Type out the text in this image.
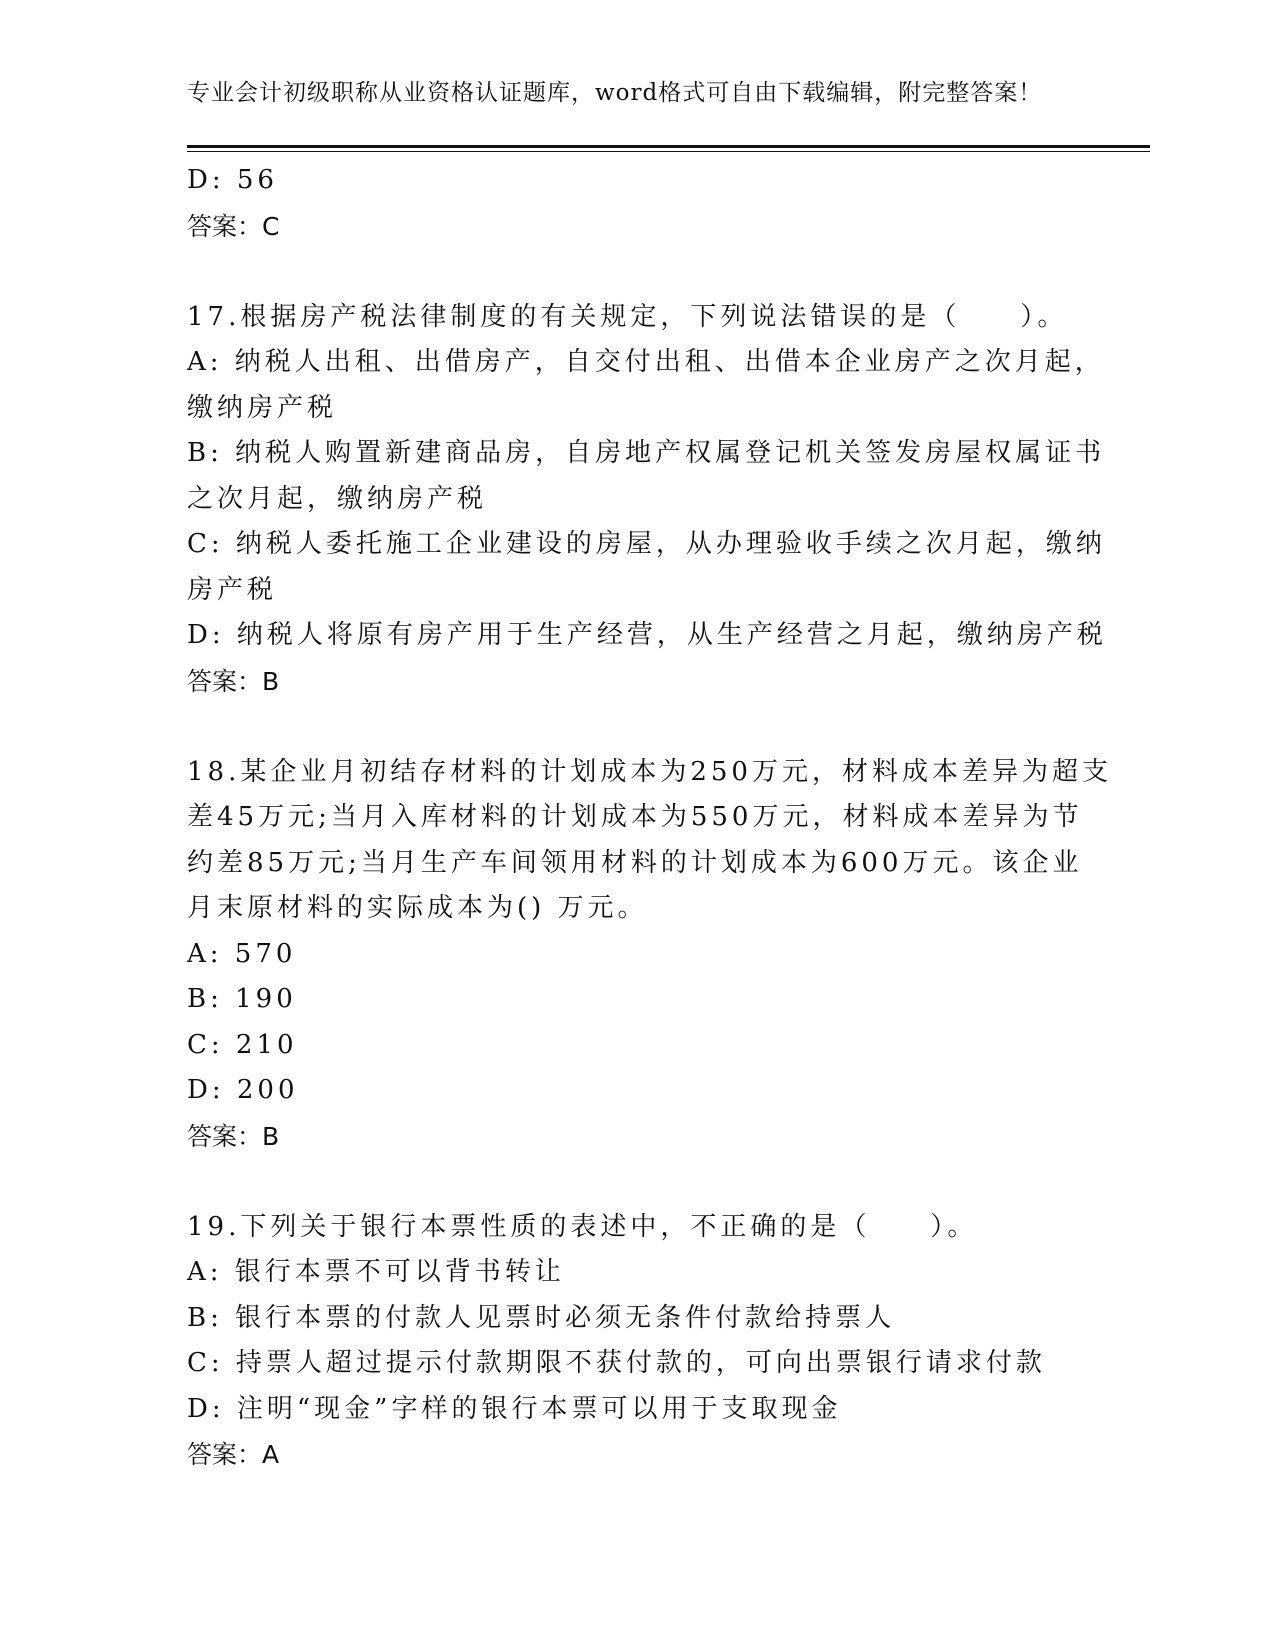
专业会计初级职称从业资格认证题库，word格式可自由下载编辑，附完整答案！
D: 56
答案：C
17.根据房产税法律制度的有关规定，下列说法错误的是（　　）。
A: 纳税人出租、出借房产，自交付出租、出借本企业房产之次月起，
缴纳房产税
B: 纳税人购置新建商品房，自房地产权属登记机关签发房屋权属证书
之次月起，缴纳房产税
C: 纳税人委托施工企业建设的房屋，从办理验收手续之次月起，缴纳
房产税
D: 纳税人将原有房产用于生产经营，从生产经营之月起，缴纳房产税
答案：B
18.某企业月初结存材料的计划成本为250万元，材料成本差异为超支
差45万元;当月入库材料的计划成本为550万元，材料成本差异为节
约差85万元;当月生产车间领用材料的计划成本为600万元。该企业
月末原材料的实际成本为() 万元。
A: 570
B: 190
C: 210
D: 200
答案：B
19.下列关于银行本票性质的表述中，不正确的是（　　）。
A: 银行本票不可以背书转让
B: 银行本票的付款人见票时必须无条件付款给持票人
C: 持票人超过提示付款期限不获付款的，可向出票银行请求付款
D: 注明“现金”字样的银行本票可以用于支取现金
答案：A
